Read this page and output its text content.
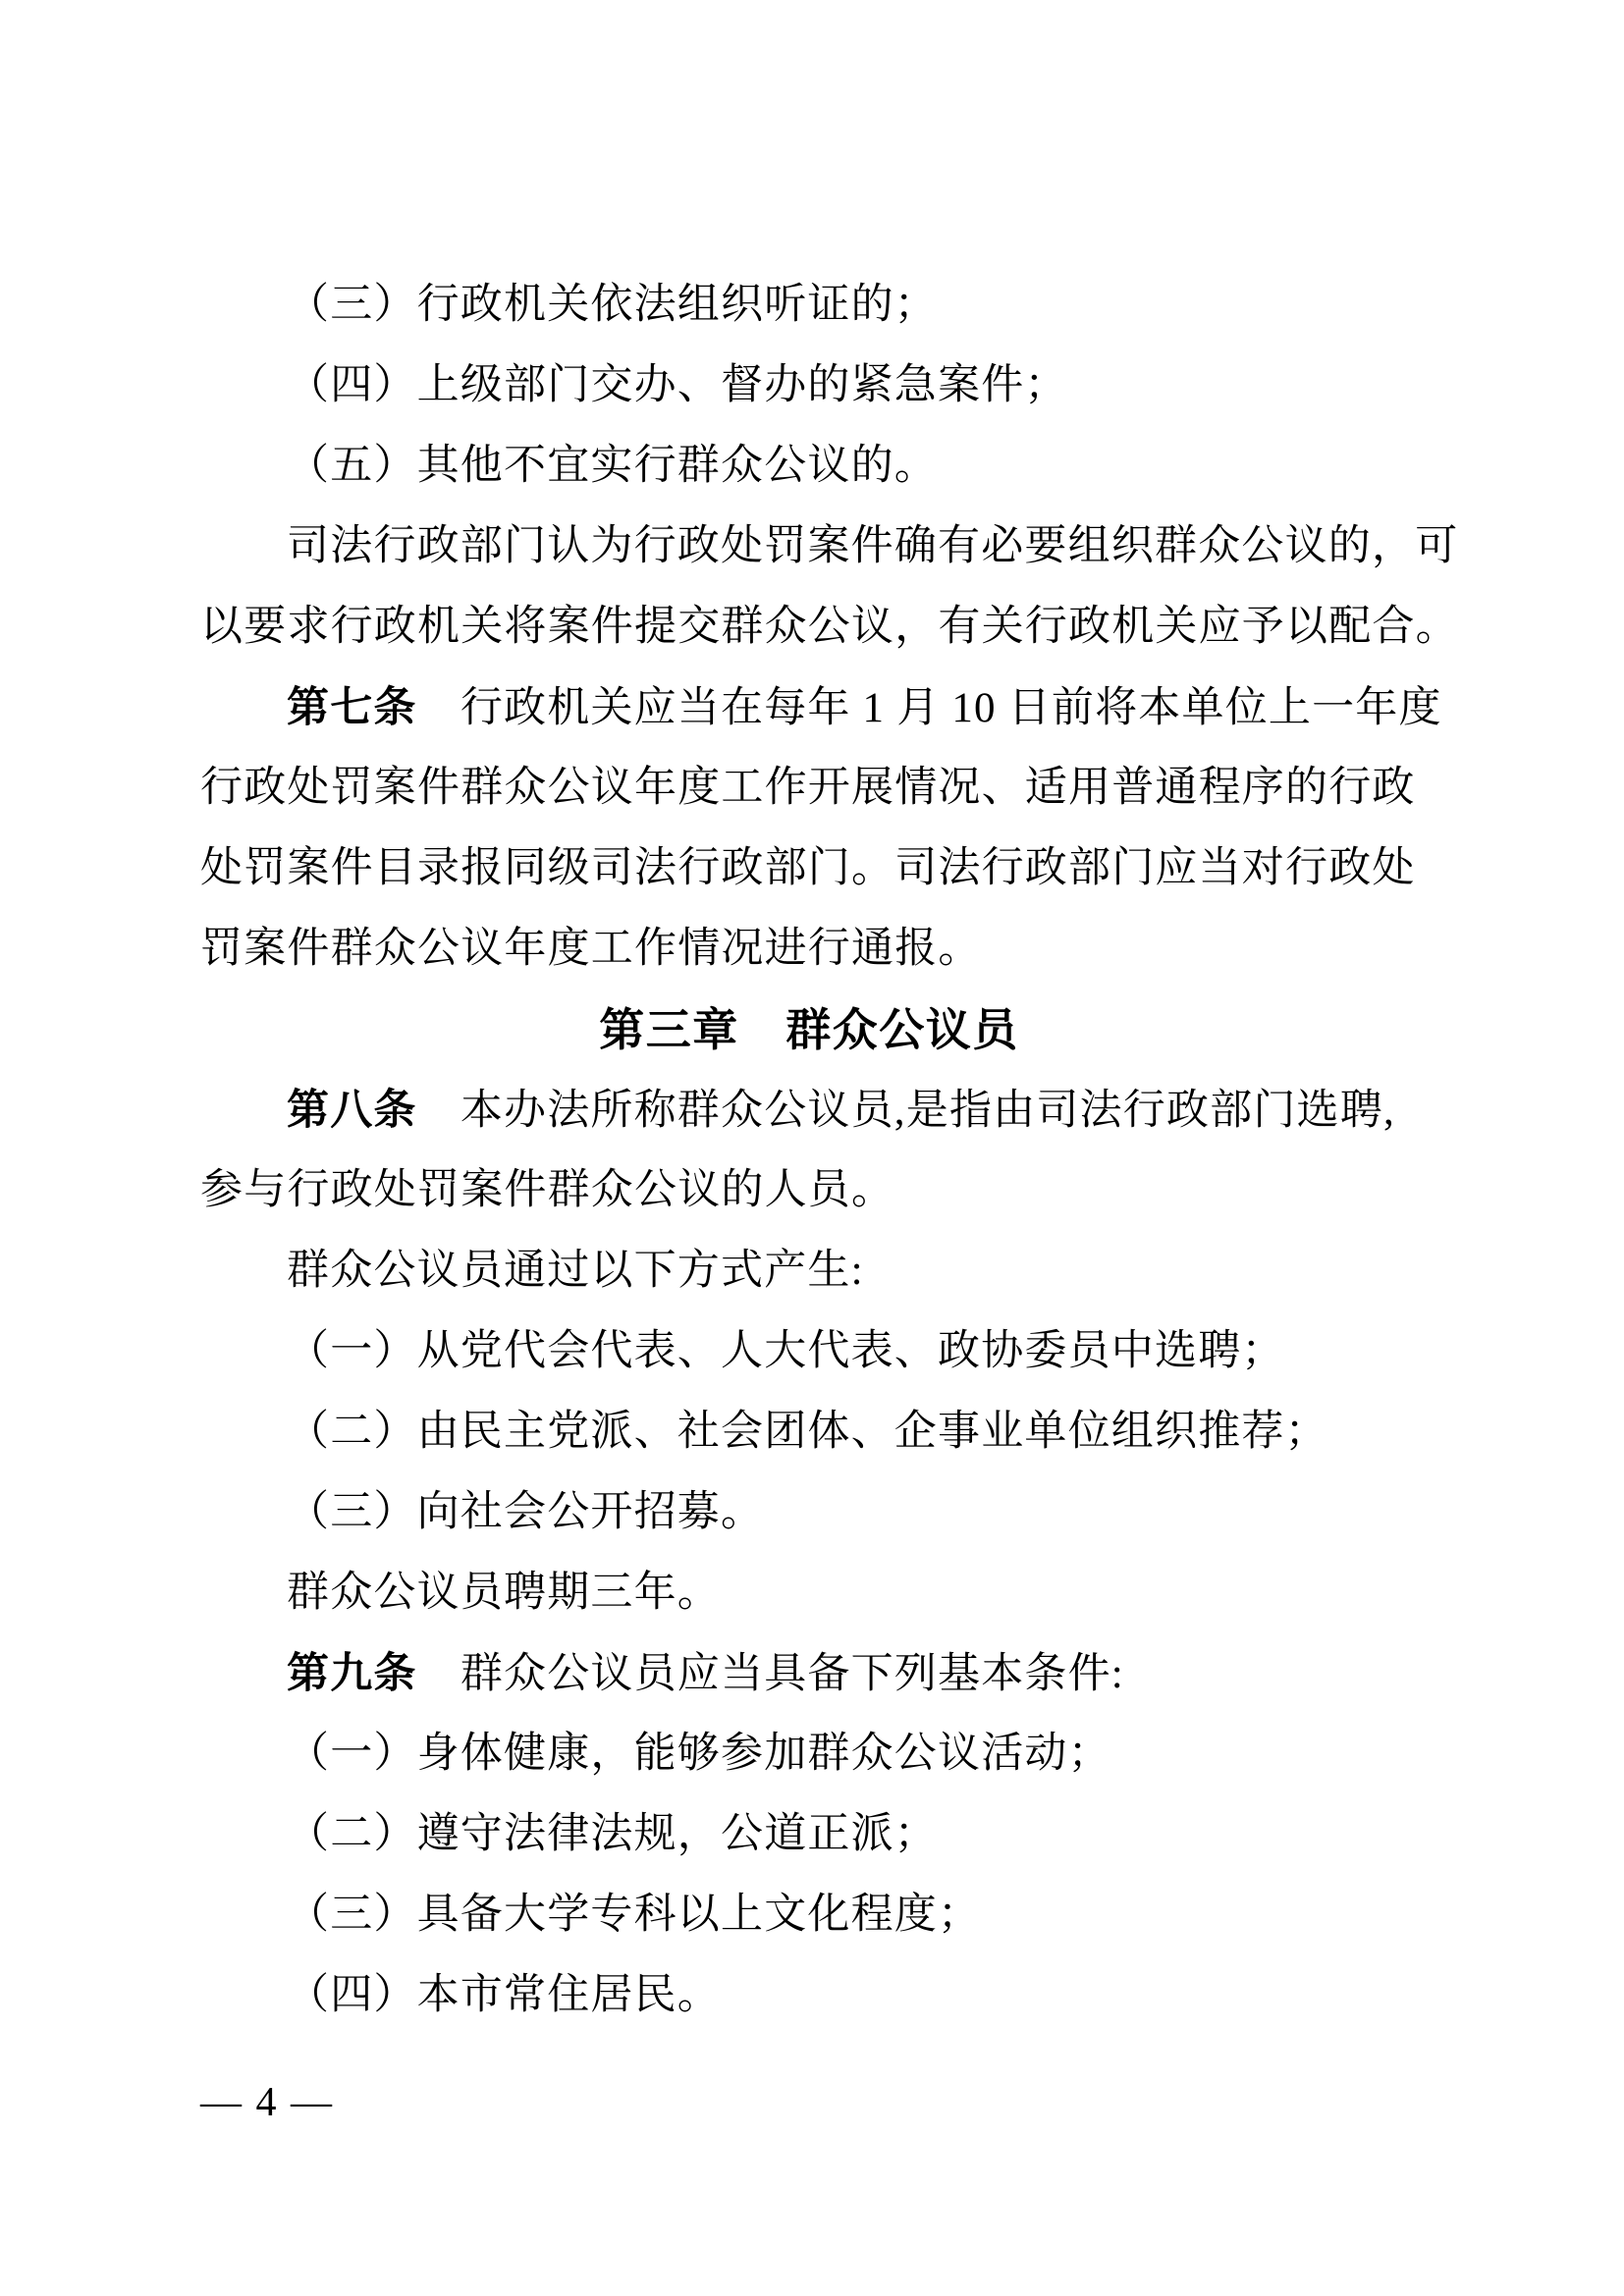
（三）行政机关依法组织听证的；
（四）上级部门交办、督办的紧急案件；
（五）其他不宜实行群众公议的。
司法行政部门认为行政处罚案件确有必要组织群众公议的，可
以要求行政机关将案件提交群众公议，有关行政机关应予以配合。
第七条　 行政机关应当在每年 1 月 10 日前将本单位上一年度
行政处罚案件群众公议年度工作开展情况、适用普通程序的行政
处罚案件目录报同级司法行政部门。司法行政部门应当对行政处
罚案件群众公议年度工作情况进行通报。
第三章　群众公议员
第八条　 本办法所称群众公议员,是指由司法行政部门选聘,
参与行政处罚案件群众公议的人员。
群众公议员通过以下方式产生:
（一）从党代会代表、人大代表、政协委员中选聘；
（二）由民主党派、社会团体、企事业单位组织推荐；
（三）向社会公开招募。
群众公议员聘期三年。
第九条　 群众公议员应当具备下列基本条件:
（一）身体健康，能够参加群众公议活动；
（二）遵守法律法规，公道正派；
（三）具备大学专科以上文化程度；
（四）本市常住居民。
— 4 —
